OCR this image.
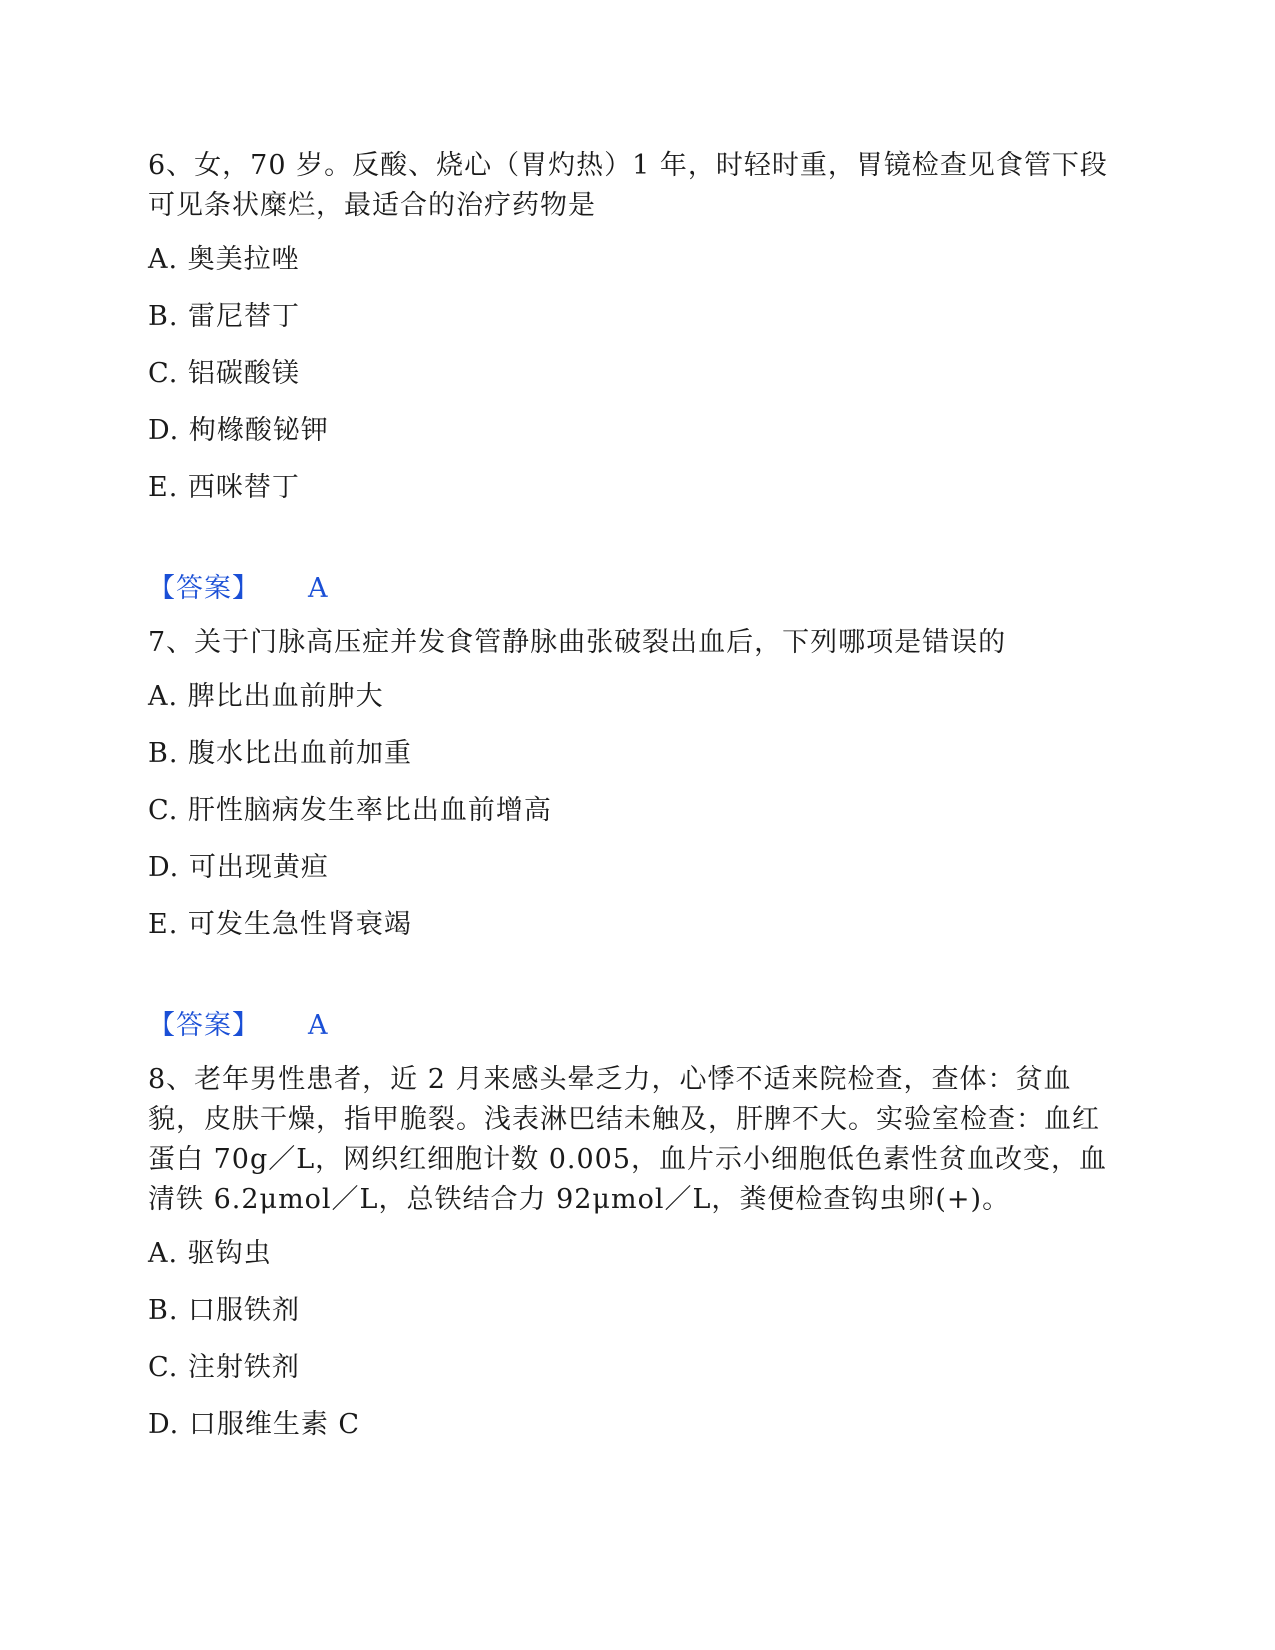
6、女，70 岁。反酸、烧心（胃灼热）1 年，时轻时重，胃镜检查见食管下段可见条状糜烂，最适合的治疗药物是

A. 奥美拉唑

B. 雷尼替丁

C. 铝碳酸镁

D. 枸橼酸铋钾

E. 西咪替丁

【答案】 A

7、关于门脉高压症并发食管静脉曲张破裂出血后，下列哪项是错误的

A. 脾比出血前肿大

B. 腹水比出血前加重

C. 肝性脑病发生率比出血前增高

D. 可出现黄疸

E. 可发生急性肾衰竭

【答案】 A

8、老年男性患者，近 2 月来感头晕乏力，心悸不适来院检查，查体：贫血貌，皮肤干燥，指甲脆裂。浅表淋巴结未触及，肝脾不大。实验室检查：血红蛋白 70g／L，网织红细胞计数 0.005，血片示小细胞低色素性贫血改变，血清铁 6.2μmol／L，总铁结合力 92μmol／L，粪便检查钩虫卵(+)。

A. 驱钩虫

B. 口服铁剂

C. 注射铁剂

D. 口服维生素 C
